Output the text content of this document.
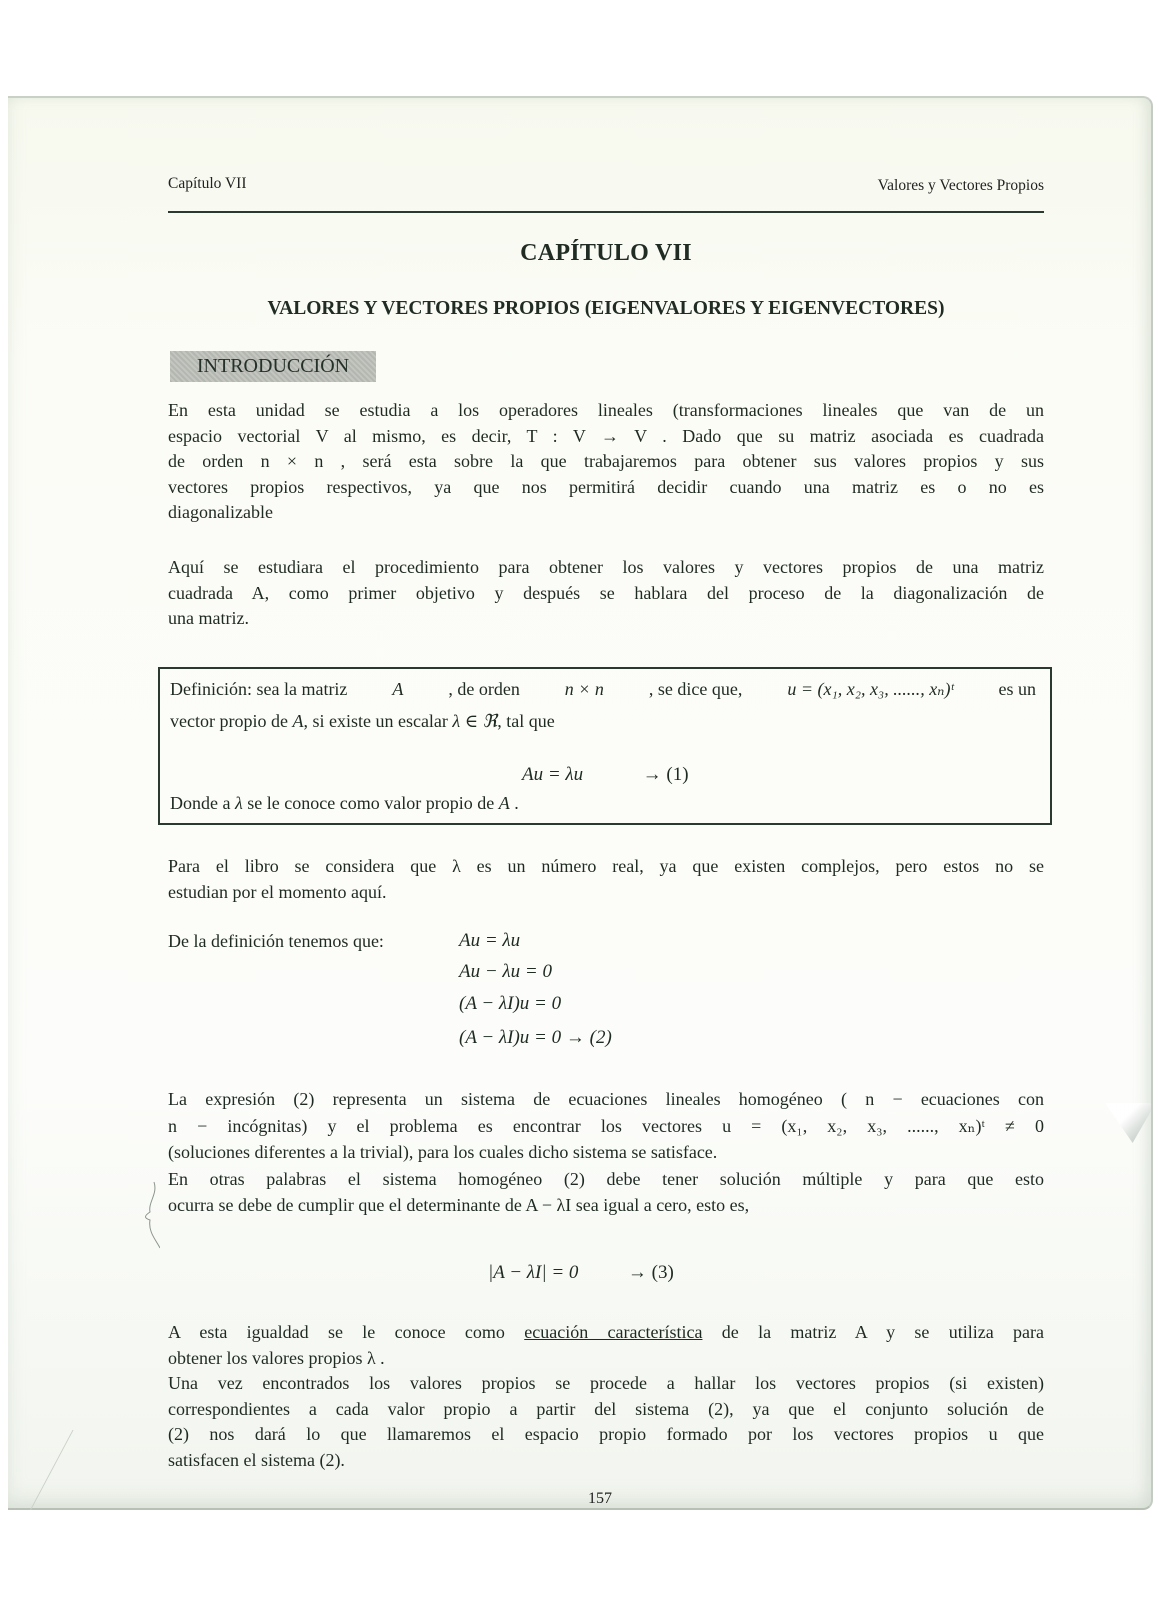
Capítulo VII	Valores y Vectores Propios
CAPÍTULO VII
VALORES Y VECTORES PROPIOS (EIGENVALORES Y EIGENVECTORES)
INTRODUCCIÓN
En esta unidad se estudia a los operadores lineales (transformaciones lineales que van de un
espacio vectorial V al mismo, es decir, T : V → V . Dado que su matriz asociada es cuadrada
de orden n × n , será esta sobre la que trabajaremos para obtener sus valores propios y sus
vectores propios respectivos, ya que nos permitirá decidir cuando una matriz es o no es
diagonalizable
Aquí se estudiara el procedimiento para obtener los valores y vectores propios de una matriz
cuadrada A, como primer objetivo y después se hablara del proceso de la diagonalización de
una matriz.
Definición: sea la matriz A , de orden n × n , se dice que, u = (x₁, x₂, x₃, ......, xₙ)ᵗ es un
vector propio de A, si existe un escalar λ ∈ ℜ, tal que
Au = λu	→ (1)
Donde a λ se le conoce como valor propio de A .
Para el libro se considera que λ es un número real, ya que existen complejos, pero estos no se
estudian por el momento aquí.
De la definición tenemos que:	Au = λu
Au − λu = 0
(A − λI)u = 0
(A − λI)u = 0 → (2)
La expresión (2) representa un sistema de ecuaciones lineales homogéneo ( n − ecuaciones con
n − incógnitas) y el problema es encontrar los vectores u = (x₁, x₂, x₃, ......, xₙ)ᵗ ≠ 0
(soluciones diferentes a la trivial), para los cuales dicho sistema se satisface.
En otras palabras el sistema homogéneo (2) debe tener solución múltiple y para que esto
ocurra se debe de cumplir que el determinante de A − λI sea igual a cero, esto es,
|A − λI| = 0	→ (3)
A esta igualdad se le conoce como ecuación característica de la matriz A y se utiliza para
obtener los valores propios λ .
Una vez encontrados los valores propios se procede a hallar los vectores propios (si existen)
correspondientes a cada valor propio a partir del sistema (2), ya que el conjunto solución de
(2) nos dará lo que llamaremos el espacio propio formado por los vectores propios u que
satisfacen el sistema (2).
157
